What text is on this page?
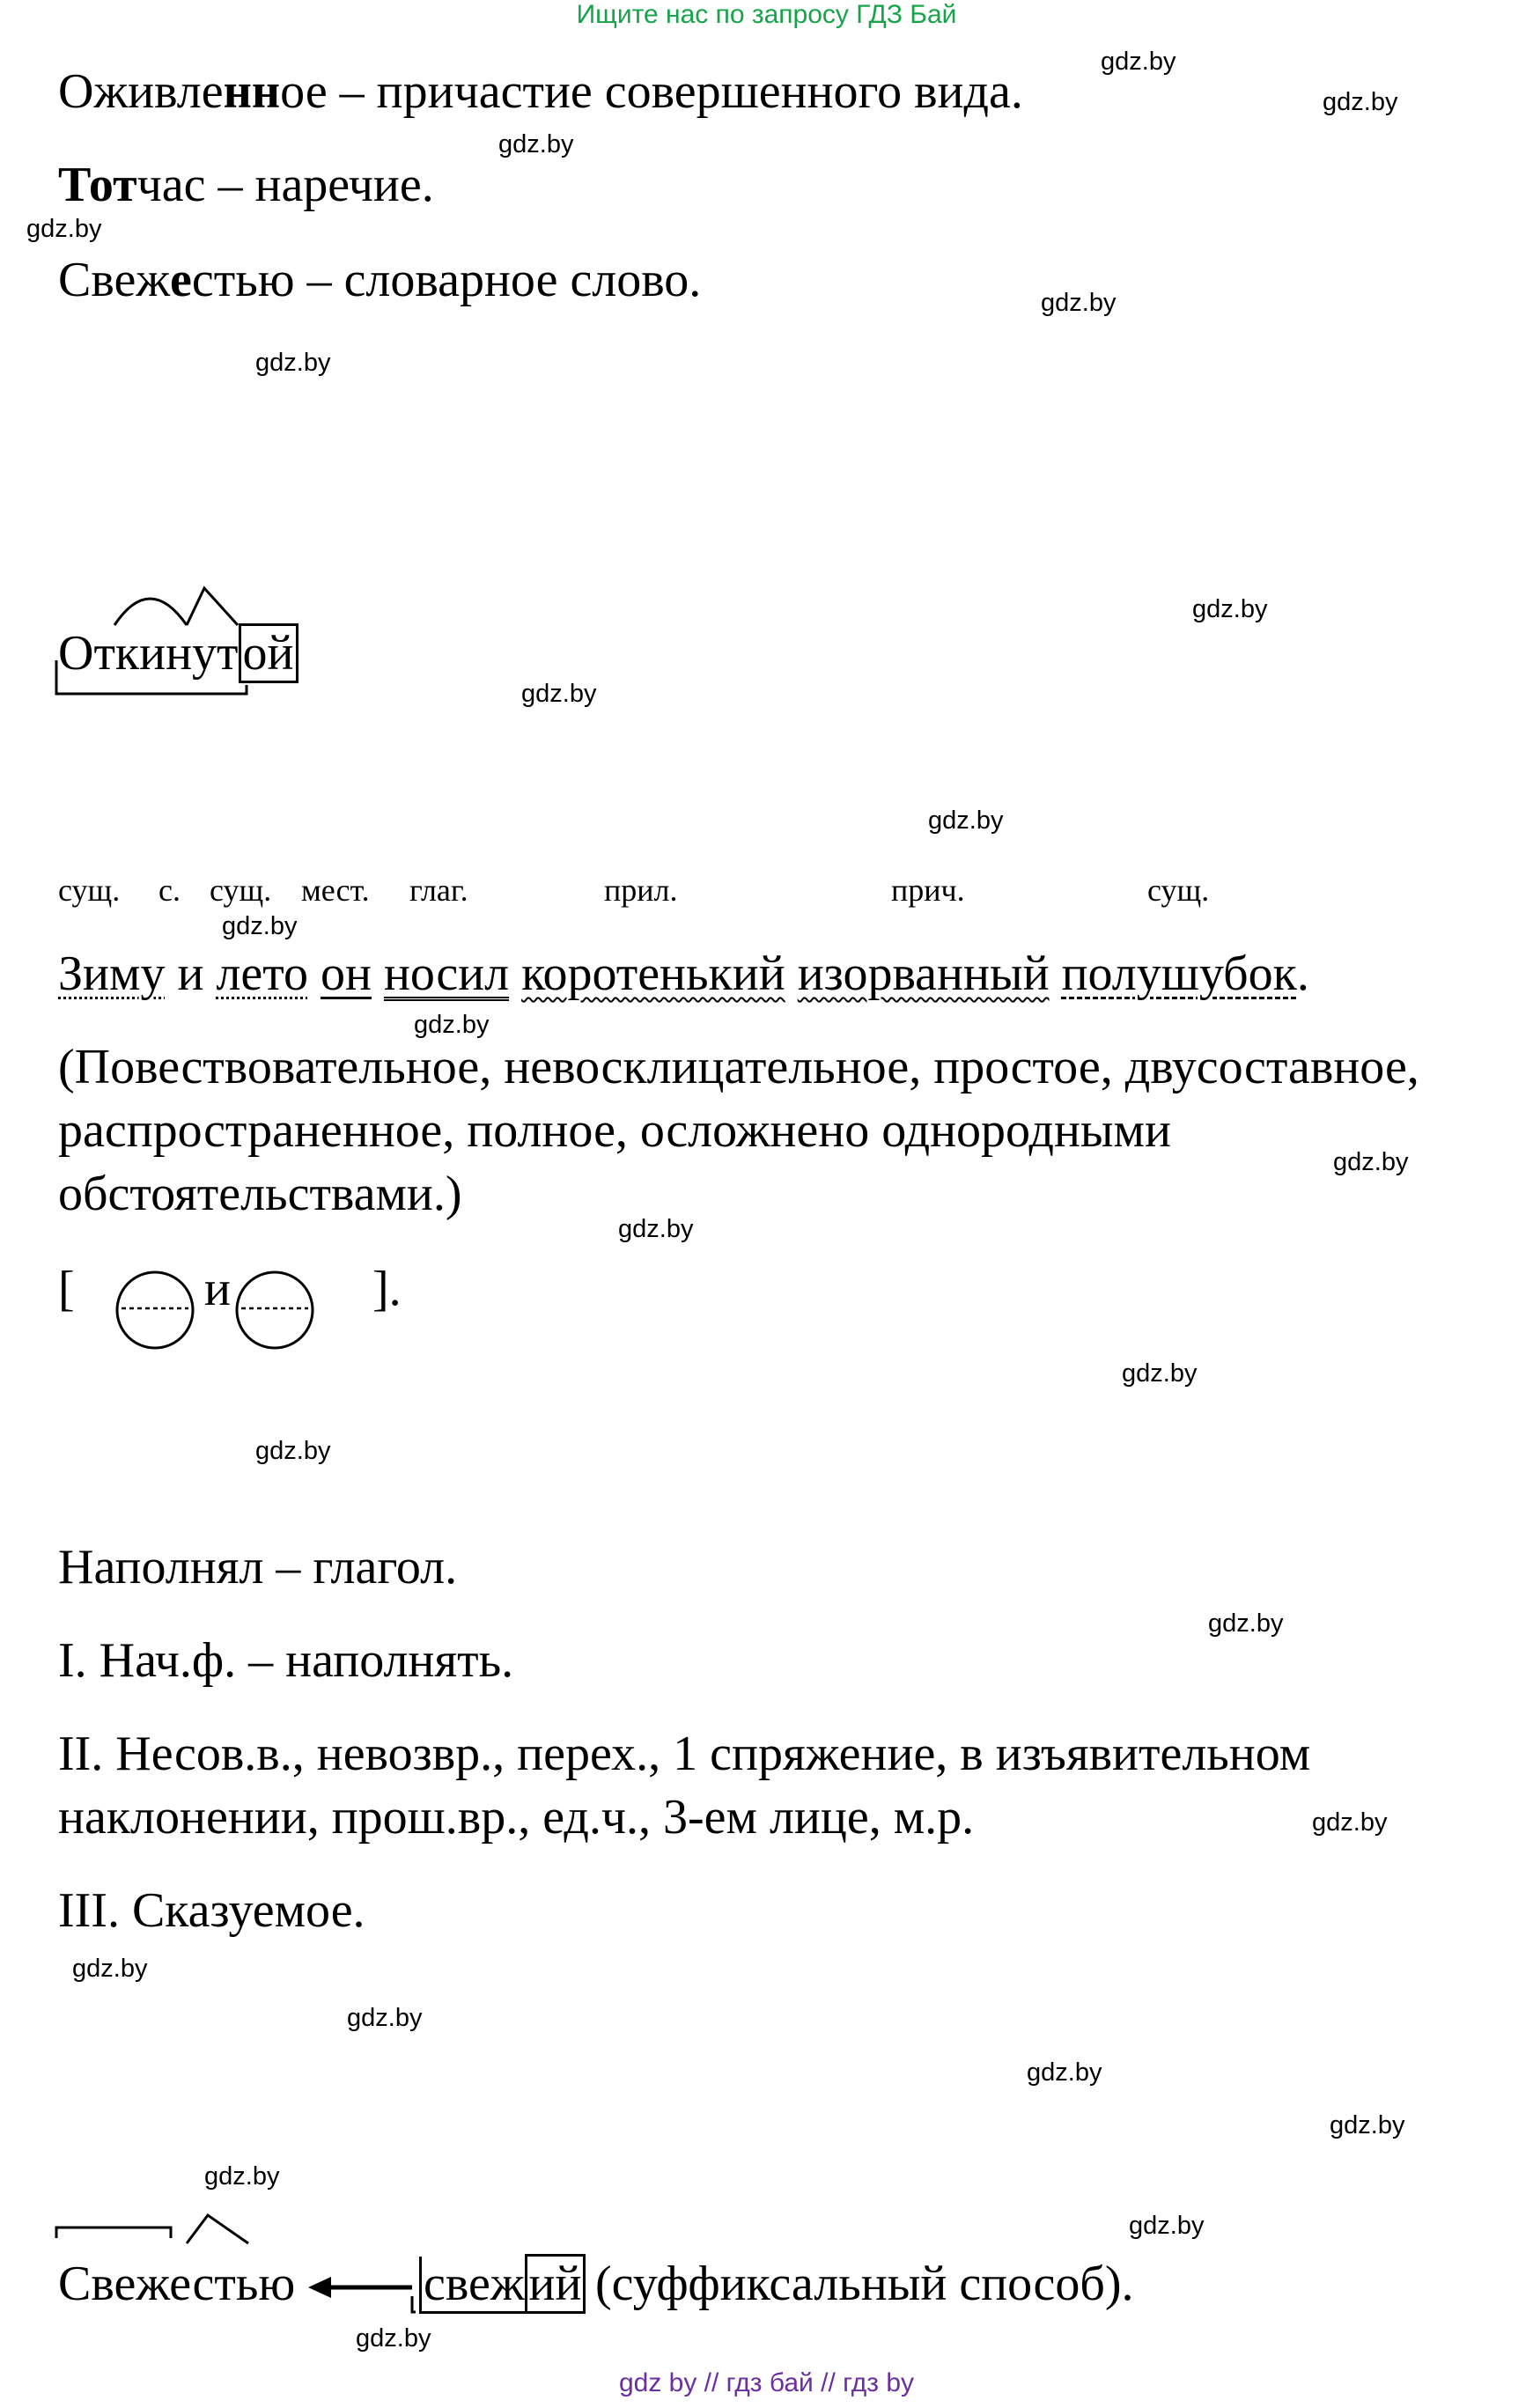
Ищите нас по запросу ГДЗ Бай
Оживленное – причастие совершенного вида.
Тотчас – наречие.
Свежестью – словарное слово.
Откинутой
сущ. с. сущ. мест. глаг.	прил.	прич.	сущ.
Зиму и лето он носил коротенький изорванный полушубок.
(Повествовательное, невосклицательное, простое, двусоставное,
распространенное, полное, осложнено однородными
обстоятельствами.)
[	и	].
Наполнял – глагол.
I. Нач.ф. – наполнять.
II. Несов.в., невозвр., перех., 1 спряжение, в изъявительном
наклонении, прош.вр., ед.ч., 3-ем лице, м.р.
III. Сказуемое.
Свежестью	свежий (суффиксальный способ).
gdz.by
gdz.by
gdz.by
gdz.by
gdz.by
gdz.by
gdz.by
gdz.by
gdz.by
gdz.by
gdz.by
gdz.by
gdz.by
gdz.by
gdz.by
gdz.by
gdz.by
gdz.by
gdz.by
gdz.by
gdz.by
gdz.by
gdz.by
gdz.by
gdz by // гдз бай // гдз by
